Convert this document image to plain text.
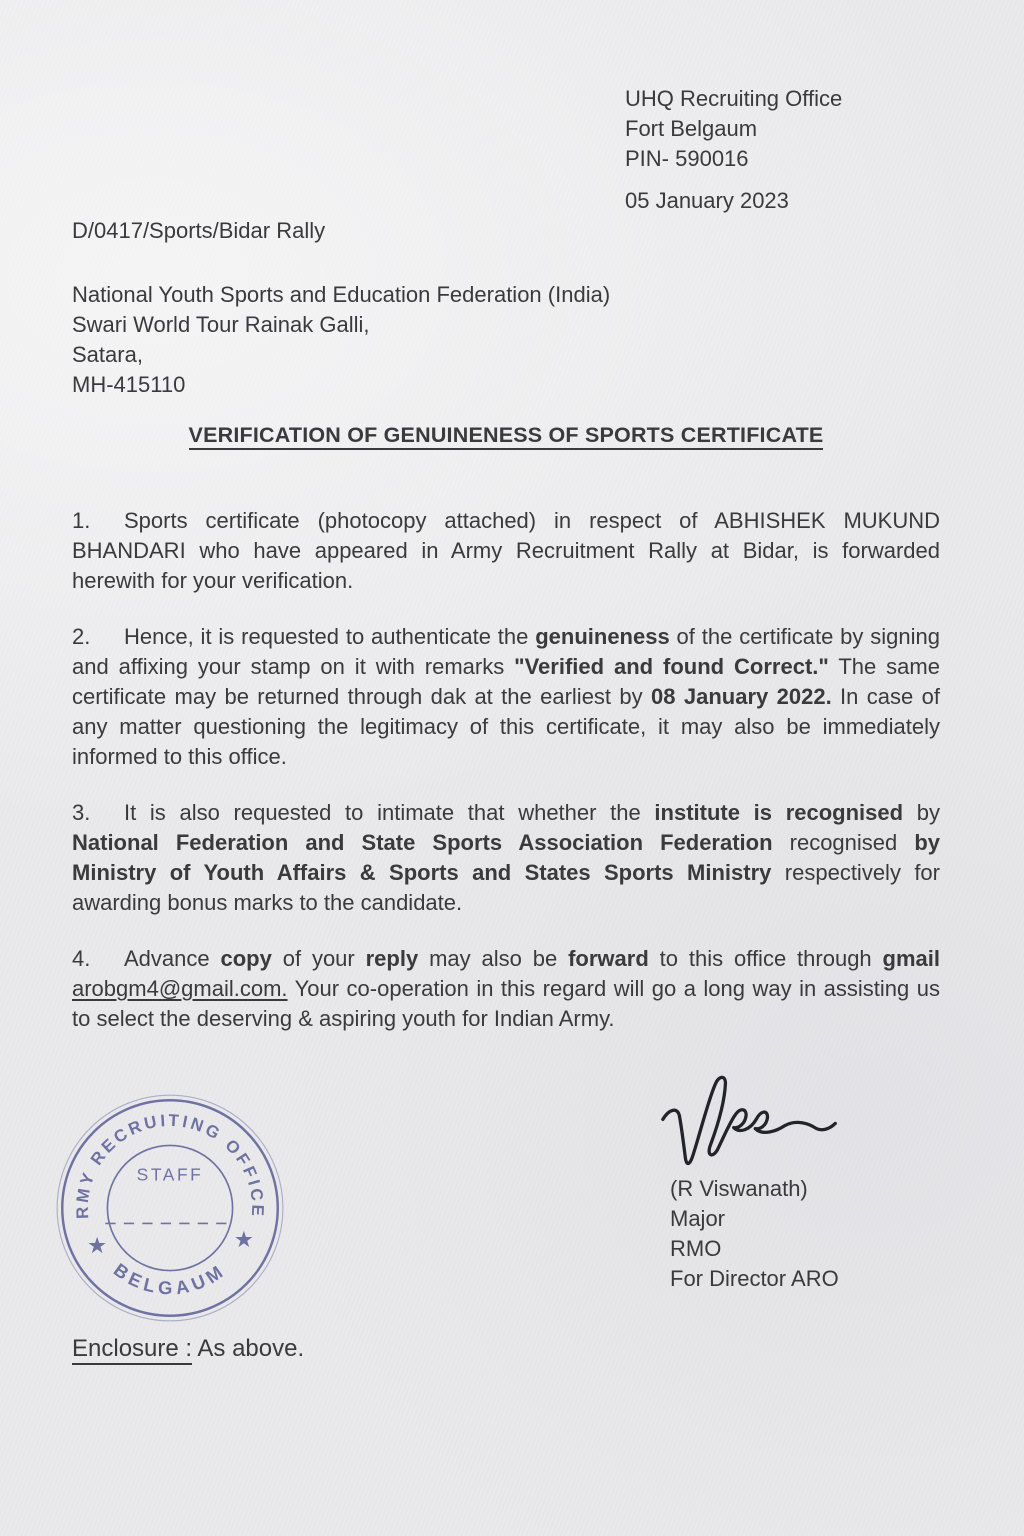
UHQ Recruiting Office
Fort Belgaum
PIN- 590016
05 January 2023
D/0417/Sports/Bidar Rally
National Youth Sports and Education Federation (India)
Swari World Tour Rainak Galli,
Satara,
MH-415110
VERIFICATION OF GENUINENESS OF SPORTS CERTIFICATE
1. Sports certificate (photocopy attached) in respect of ABHISHEK MUKUND BHANDARI who have appeared in Army Recruitment Rally at Bidar, is forwarded herewith for your verification.
2. Hence, it is requested to authenticate the genuineness of the certificate by signing and affixing your stamp on it with remarks "Verified and found Correct." The same certificate may be returned through dak at the earliest by 08 January 2022. In case of any matter questioning the legitimacy of this certificate, it may also be immediately informed to this office.
3. It is also requested to intimate that whether the institute is recognised by National Federation and State Sports Association Federation recognised by Ministry of Youth Affairs & Sports and States Sports Ministry respectively for awarding bonus marks to the candidate.
4. Advance copy of your reply may also be forward to this office through gmail arobgm4@gmail.com. Your co-operation in this regard will go a long way in assisting us to select the deserving & aspiring youth for Indian Army.
RMY RECRUITING OFFICE
BELGAUM
STAFF
★	★
(R Viswanath)
Major
RMO
For Director ARO
Enclosure : As above.
